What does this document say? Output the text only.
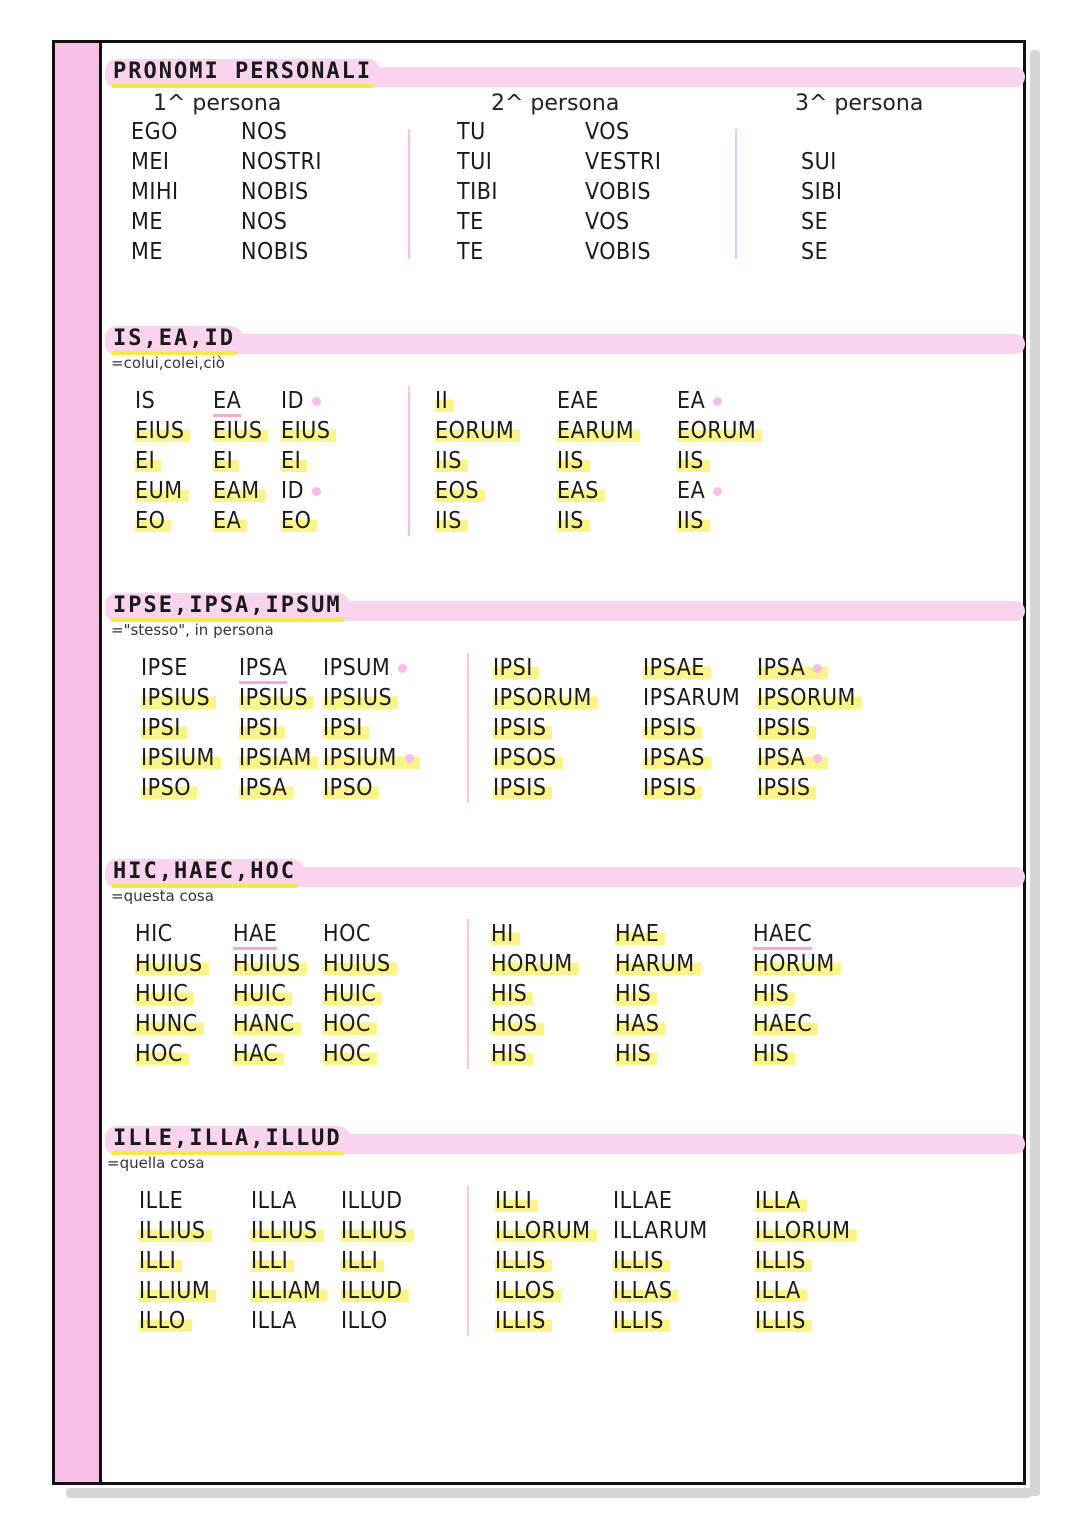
PRONOMI PERSONALI
1^ persona	2^ persona	3^ persona
EGO
MEI
MIHI
ME
ME
NOS
NOSTRI
NOBIS
NOS
NOBIS
TU
TUI
TIBI
TE
TE
VOS
VESTRI
VOBIS
VOS
VOBIS
SUI
SIBI
SE
SE
IS,EA,ID
=colui,colei,ciò
IS
EIUS
EI
EUM
EO
EA
EIUS
EI
EAM
EA
ID
EIUS
EI
ID
EO
II
EORUM
IIS
EOS
IIS
EAE
EARUM
IIS
EAS
IIS
EA
EORUM
IIS
EA
IIS
IPSE,IPSA,IPSUM
="stesso", in persona
IPSE
IPSIUS
IPSI
IPSIUM
IPSO
IPSA
IPSIUS
IPSI
IPSIAM
IPSA
IPSUM
IPSIUS
IPSI
IPSIUM
IPSO
IPSI
IPSORUM
IPSIS
IPSOS
IPSIS
IPSAE
IPSARUM
IPSIS
IPSAS
IPSIS
IPSA
IPSORUM
IPSIS
IPSA
IPSIS
HIC,HAEC,HOC
=questa cosa
HIC
HUIUS
HUIC
HUNC
HOC
HAE
HUIUS
HUIC
HANC
HAC
HOC
HUIUS
HUIC
HOC
HOC
HI
HORUM
HIS
HOS
HIS
HAE
HARUM
HIS
HAS
HIS
HAEC
HORUM
HIS
HAEC
HIS
ILLE,ILLA,ILLUD
=quella cosa
ILLE
ILLIUS
ILLI
ILLIUM
ILLO
ILLA
ILLIUS
ILLI
ILLIAM
ILLA
ILLUD
ILLIUS
ILLI
ILLUD
ILLO
ILLI
ILLORUM
ILLIS
ILLOS
ILLIS
ILLAE
ILLARUM
ILLIS
ILLAS
ILLIS
ILLA
ILLORUM
ILLIS
ILLA
ILLIS
